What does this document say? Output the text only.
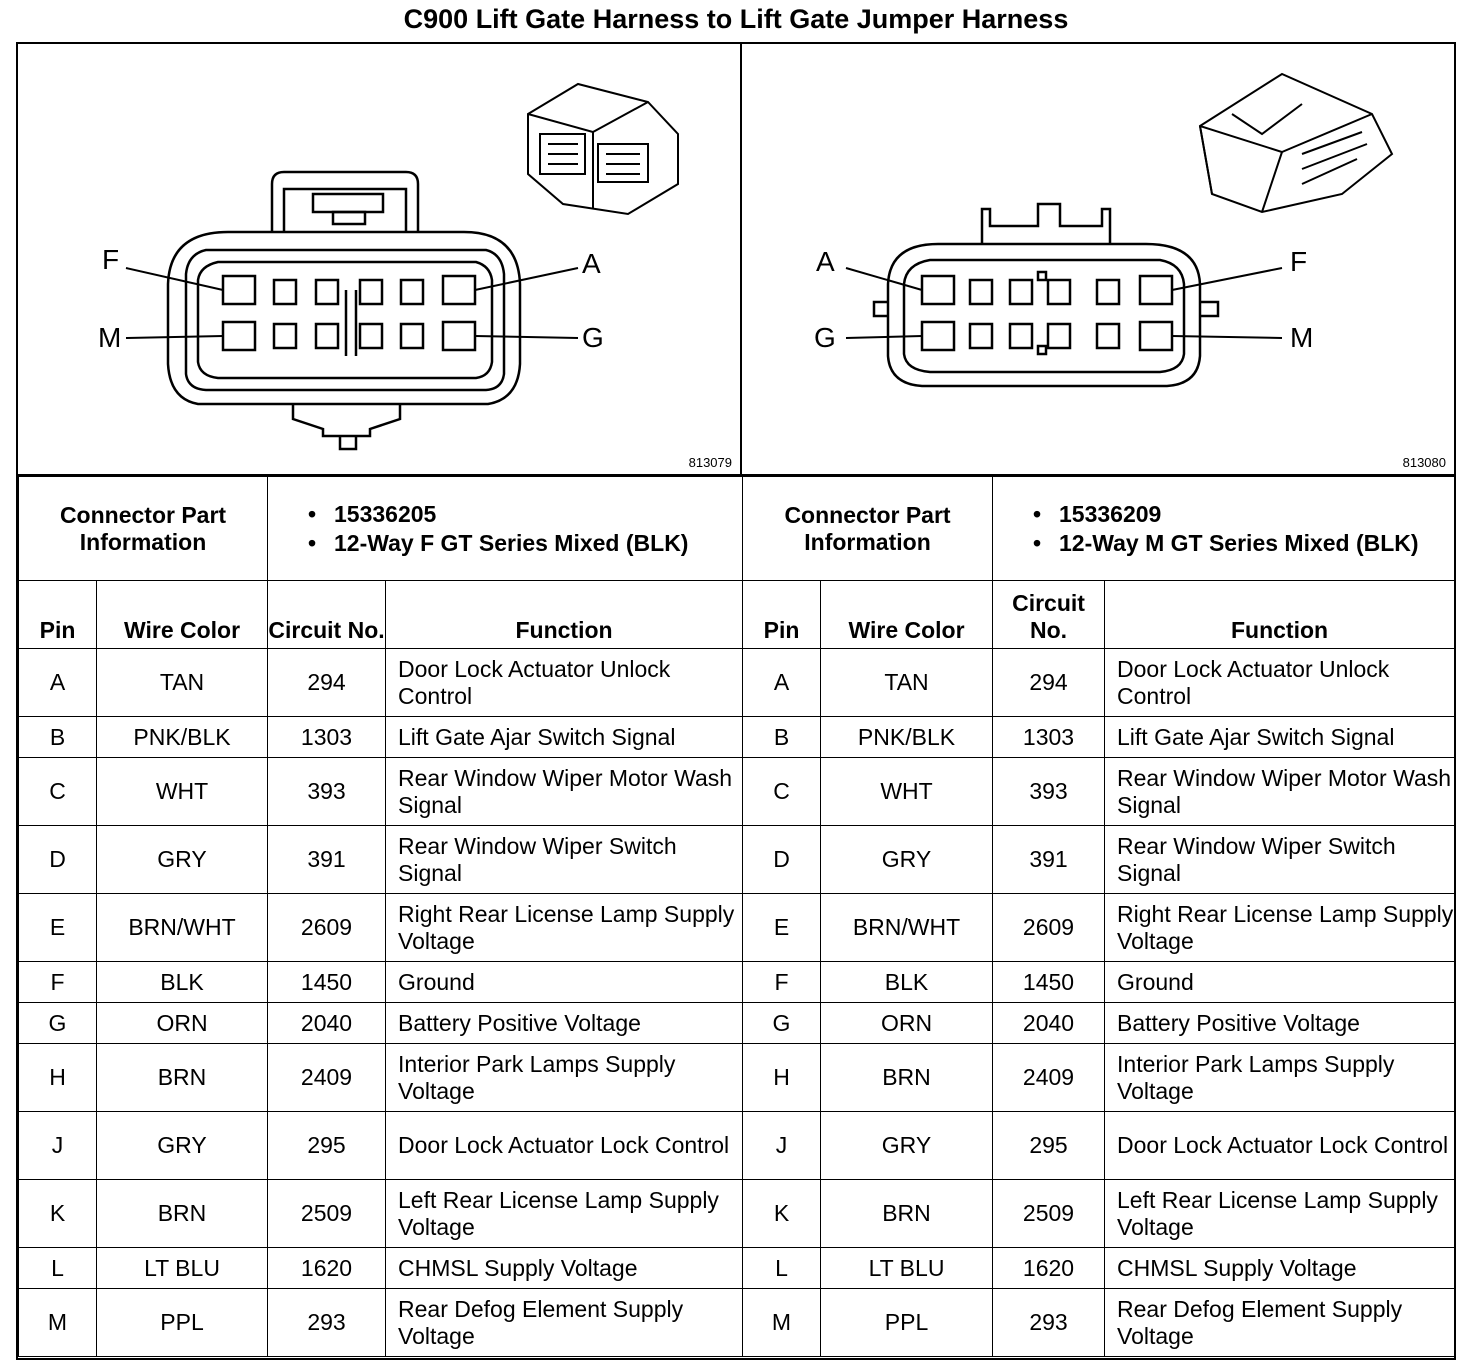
C900 Lift Gate Harness to Lift Gate Jumper Harness
F	A
M	G
813079
A	F
G	M
813080
Connector Part Information		• 15336205
• 12-Way F GT Series Mixed (BLK)

Pin	Wire Color	Circuit No.	Function
A	TAN	294	Door Lock Actuator Unlock Control
B	PNK/BLK	1303	Lift Gate Ajar Switch Signal
C	WHT	393	Rear Window Wiper Motor Wash Signal
D	GRY	391	Rear Window Wiper Switch Signal
E	BRN/WHT	2609	Right Rear License Lamp Supply Voltage
F	BLK	1450	Ground
G	ORN	2040	Battery Positive Voltage
H	BRN	2409	Interior Park Lamps Supply Voltage
J	GRY	295	Door Lock Actuator Lock Control
K	BRN	2509	Left Rear License Lamp Supply Voltage
L	LT BLU	1620	CHMSL Supply Voltage
M	PPL	293	Rear Defog Element Supply Voltage
Connector Part Information		• 15336209
• 12-Way M GT Series Mixed (BLK)

Pin	Wire Color	Circuit No.	Function
A	TAN	294	Door Lock Actuator Unlock Control
B	PNK/BLK	1303	Lift Gate Ajar Switch Signal
C	WHT	393	Rear Window Wiper Motor Wash Signal
D	GRY	391	Rear Window Wiper Switch Signal
E	BRN/WHT	2609	Right Rear License Lamp Supply Voltage
F	BLK	1450	Ground
G	ORN	2040	Battery Positive Voltage
H	BRN	2409	Interior Park Lamps Supply Voltage
J	GRY	295	Door Lock Actuator Lock Control
K	BRN	2509	Left Rear License Lamp Supply Voltage
L	LT BLU	1620	CHMSL Supply Voltage
M	PPL	293	Rear Defog Element Supply Voltage
